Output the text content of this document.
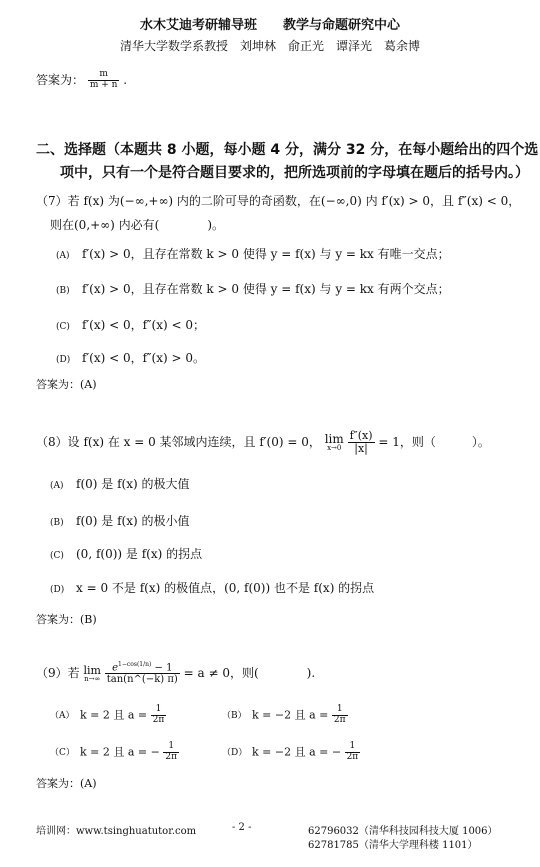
水木艾迪考研辅导班　　教学与命题研究中心
清华大学数学系教授　刘坤林　俞正光　谭泽光　葛余博
答案为： $\frac{m}{m + n}$ .
二、选择题（本题共 8 小题，每小题 4 分，满分 32 分，在每小题给出的四个选
项中，只有一个是符合题目要求的，把所选项前的字母填在题后的括号内。）
（7）若 f(x) 为(−∞,+∞) 内的二阶可导的奇函数，在(−∞,0) 内 f′(x) > 0，且 f″(x) < 0，
则在(0,+∞) 内必有(　　　　)。
(A) f′(x) > 0，且存在常数 k > 0 使得 y = f(x) 与 y = kx 有唯一交点；
(B) f′(x) > 0，且存在常数 k > 0 使得 y = f(x) 与 y = kx 有两个交点；
(C) f′(x) < 0，f″(x) < 0；
(D) f′(x) < 0，f″(x) > 0。
答案为：(A)
（8）设 f(x) 在 x = 0 某邻域内连续，且 f′(0) = 0， lim
x→0
$\frac{f''(x)}{|x|} = 1$，则（　　　）。
(A) f(0) 是 f(x) 的极大值
(B) f(0) 是 f(x) 的极小值
(C) (0, f(0)) 是 f(x) 的拐点
(D) x = 0 不是 f(x) 的极值点，(0, f(0)) 也不是 f(x) 的拐点
答案为：(B)
（9）若 lim
n→∞
$\frac{e^{1-cos(1/n)} - 1}{\tan(n\^{}(-k) \pi)} = a \ne 0$，则(　　　　).
（A） k = 2 且 $a = \frac{1}{2\pi}$	（B） k = −2 且 $a = \frac{1}{2\pi}$
（C） k = 2 且 a = − $\frac{1}{2\pi}$	（D） k = −2 且 a = − $\frac{1}{2\pi}$
答案为：(A)
培训网：www.tsinghuatutor.com	- 2 -	62796032（清华科技园科技大厦 1006）
62781785（清华大学理科楼 1101）
